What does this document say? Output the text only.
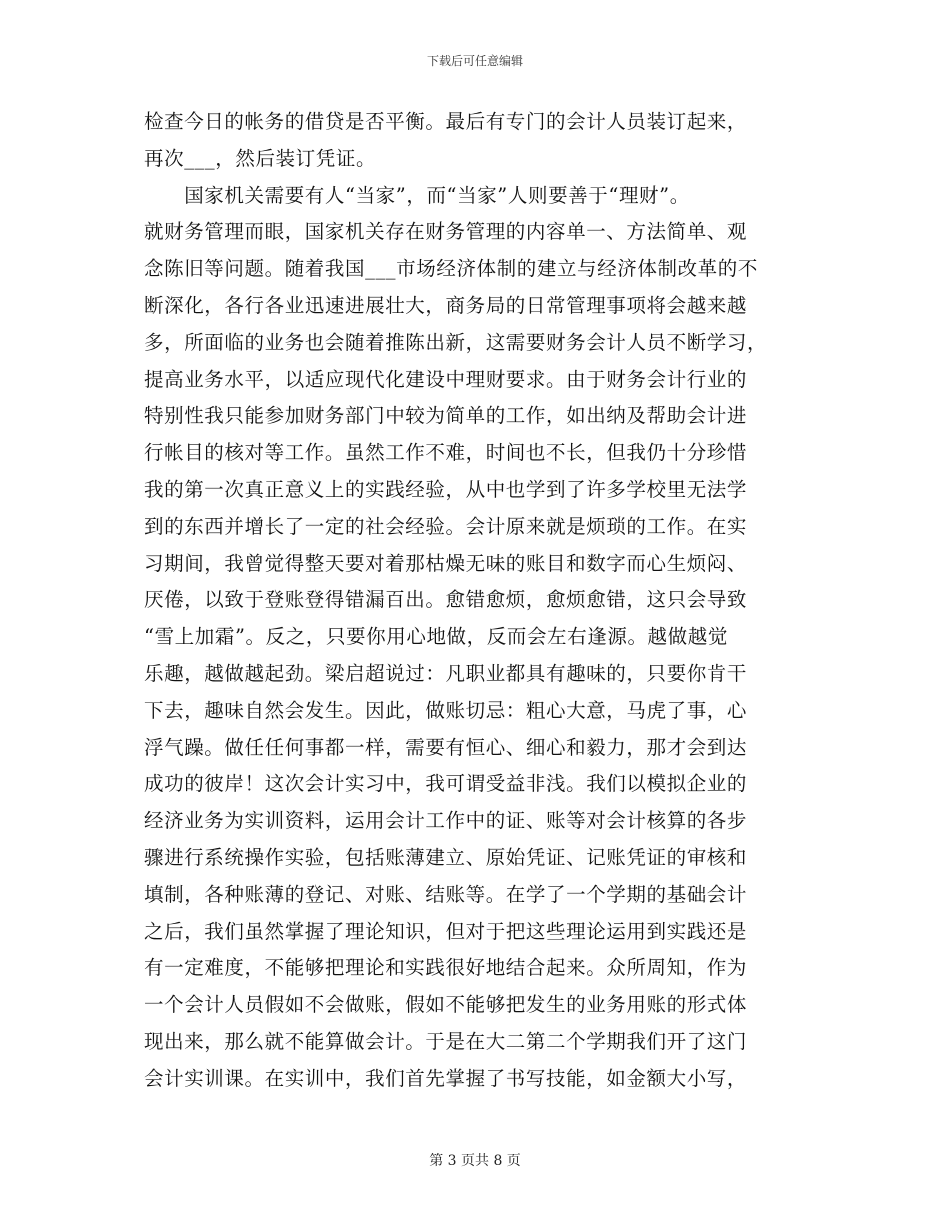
下载后可任意编辑
检查今日的帐务的借贷是否平衡。最后有专门的会计人员装订起来，
再次___，然后装订凭证。
　　国家机关需要有人“当家”，而“当家”人则要善于“理财”。
就财务管理而眼，国家机关存在财务管理的内容单一、方法简单、观
念陈旧等问题。随着我国___市场经济体制的建立与经济体制改革的不
断深化，各行各业迅速进展壮大，商务局的日常管理事项将会越来越
多，所面临的业务也会随着推陈出新，这需要财务会计人员不断学习，
提高业务水平，以适应现代化建设中理财要求。由于财务会计行业的
特别性我只能参加财务部门中较为简单的工作，如出纳及帮助会计进
行帐目的核对等工作。虽然工作不难，时间也不长，但我仍十分珍惜
我的第一次真正意义上的实践经验，从中也学到了许多学校里无法学
到的东西并增长了一定的社会经验。会计原来就是烦琐的工作。在实
习期间，我曾觉得整天要对着那枯燥无味的账目和数字而心生烦闷、
厌倦，以致于登账登得错漏百出。愈错愈烦，愈烦愈错，这只会导致
“雪上加霜”。反之，只要你用心地做，反而会左右逢源。越做越觉
乐趣，越做越起劲。梁启超说过：凡职业都具有趣味的，只要你肯干
下去，趣味自然会发生。因此，做账切忌：粗心大意，马虎了事，心
浮气躁。做任任何事都一样，需要有恒心、细心和毅力，那才会到达
成功的彼岸！这次会计实习中，我可谓受益非浅。我们以模拟企业的
经济业务为实训资料，运用会计工作中的证、账等对会计核算的各步
骤进行系统操作实验，包括账薄建立、原始凭证、记账凭证的审核和
填制，各种账薄的登记、对账、结账等。在学了一个学期的基础会计
之后，我们虽然掌握了理论知识，但对于把这些理论运用到实践还是
有一定难度，不能够把理论和实践很好地结合起来。众所周知，作为
一个会计人员假如不会做账，假如不能够把发生的业务用账的形式体
现出来，那么就不能算做会计。于是在大二第二个学期我们开了这门
会计实训课。在实训中，我们首先掌握了书写技能，如金额大小写，
第 3 页共 8 页
